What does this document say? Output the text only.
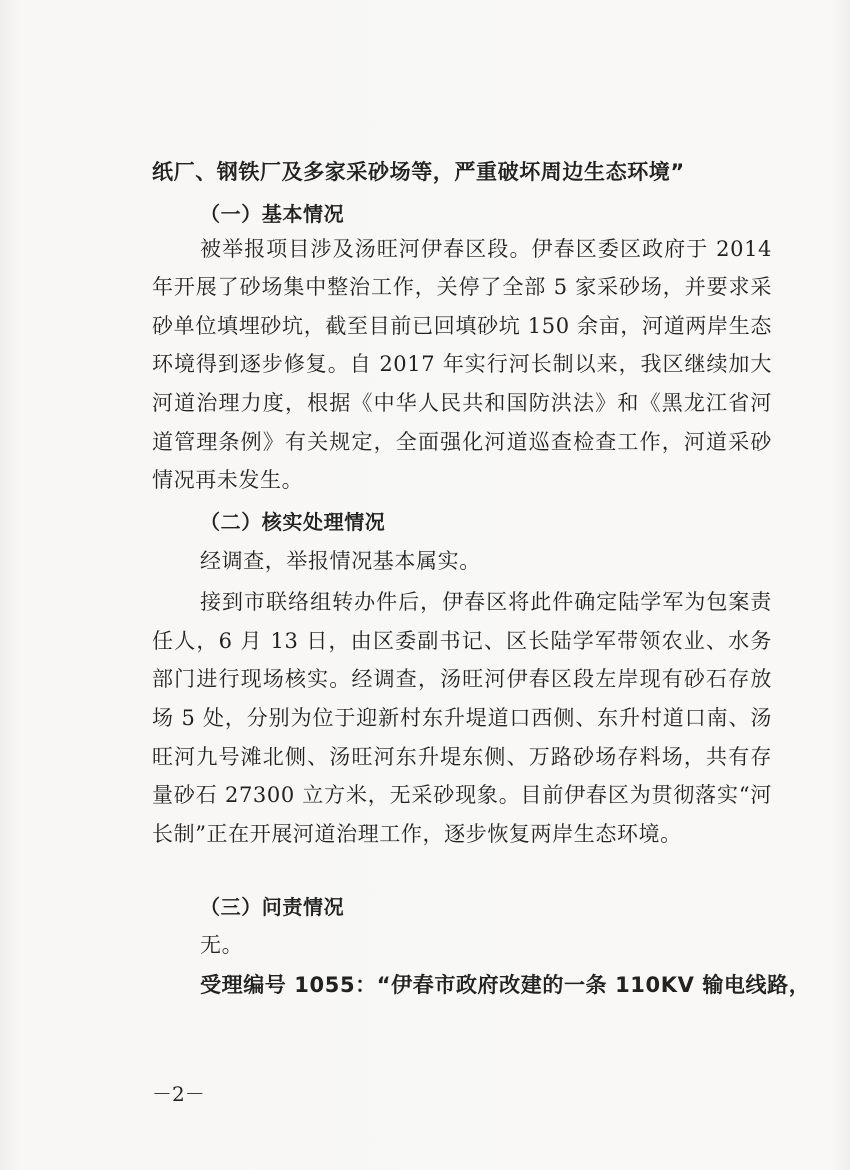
纸厂、钢铁厂及多家采砂场等，严重破坏周边生态环境”
（一）基本情况
被举报项目涉及汤旺河伊春区段。伊春区委区政府于 2014
年开展了砂场集中整治工作，关停了全部 5 家采砂场，并要求采
砂单位填埋砂坑，截至目前已回填砂坑 150 余亩，河道两岸生态
环境得到逐步修复。自 2017 年实行河长制以来，我区继续加大
河道治理力度，根据《中华人民共和国防洪法》和《黑龙江省河
道管理条例》有关规定，全面强化河道巡查检查工作，河道采砂
情况再未发生。
（二）核实处理情况
经调查，举报情况基本属实。
接到市联络组转办件后，伊春区将此件确定陆学军为包案责
任人，6 月 13 日，由区委副书记、区长陆学军带领农业、水务
部门进行现场核实。经调查，汤旺河伊春区段左岸现有砂石存放
场 5 处，分别为位于迎新村东升堤道口西侧、东升村道口南、汤
旺河九号滩北侧、汤旺河东升堤东侧、万路砂场存料场，共有存
量砂石 27300 立方米，无采砂现象。目前伊春区为贯彻落实“河
长制”正在开展河道治理工作，逐步恢复两岸生态环境。
（三）问责情况
无。
受理编号 1055：“伊春市政府改建的一条 110KV 输电线路，
－2－
